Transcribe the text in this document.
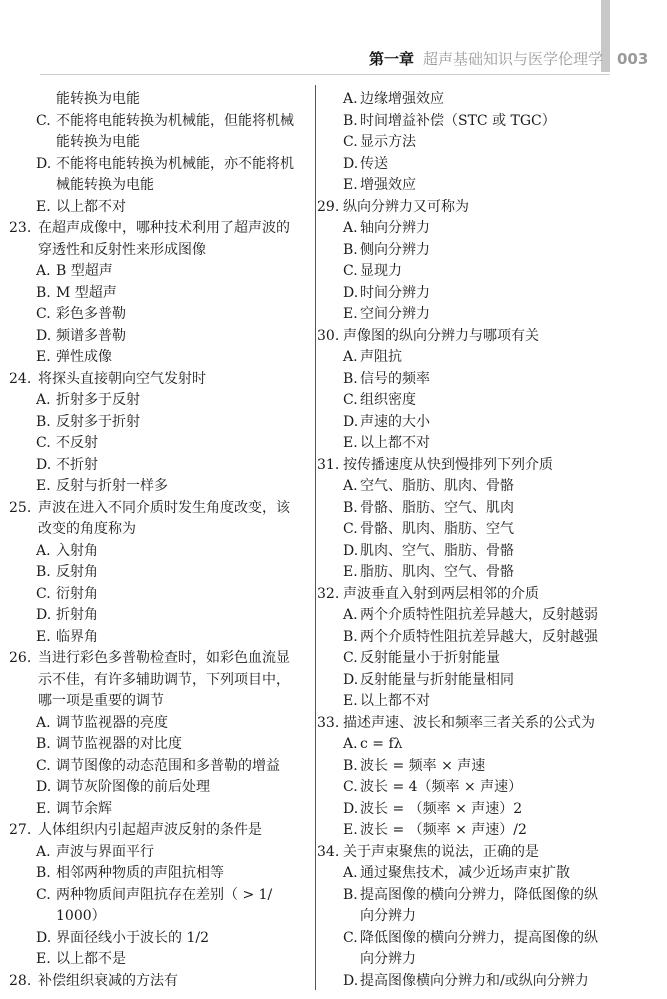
第一章 超声基础知识与医学伦理学 003
能转换为电能
C. 不能将电能转换为机械能，但能将机械
能转换为电能
D. 不能将电能转换为机械能，亦不能将机
械能转换为电能
E. 以上都不对
23. 在超声成像中，哪种技术利用了超声波的
穿透性和反射性来形成图像
A. B 型超声
B. M 型超声
C. 彩色多普勒
D. 频谱多普勒
E. 弹性成像
24. 将探头直接朝向空气发射时
A. 折射多于反射
B. 反射多于折射
C. 不反射
D. 不折射
E. 反射与折射一样多
25. 声波在进入不同介质时发生角度改变，该
改变的角度称为
A. 入射角
B. 反射角
C. 衍射角
D. 折射角
E. 临界角
26. 当进行彩色多普勒检查时，如彩色血流显
示不佳，有许多辅助调节，下列项目中，
哪一项是重要的调节
A. 调节监视器的亮度
B. 调节监视器的对比度
C. 调节图像的动态范围和多普勒的增益
D. 调节灰阶图像的前后处理
E. 调节余辉
27. 人体组织内引起超声波反射的条件是
A. 声波与界面平行
B. 相邻两种物质的声阻抗相等
C. 两种物质间声阻抗存在差别（ > 1/
1000）
D. 界面径线小于波长的 1/2
E. 以上都不是
28. 补偿组织衰减的方法有
A. 边缘增强效应
B. 时间增益补偿（STC 或 TGC）
C. 显示方法
D. 传送
E. 增强效应
29. 纵向分辨力又可称为
A. 轴向分辨力
B. 侧向分辨力
C. 显现力
D. 时间分辨力
E. 空间分辨力
30. 声像图的纵向分辨力与哪项有关
A. 声阻抗
B. 信号的频率
C. 组织密度
D. 声速的大小
E. 以上都不对
31. 按传播速度从快到慢排列下列介质
A. 空气、脂肪、肌肉、骨骼
B. 骨骼、脂肪、空气、肌肉
C. 骨骼、肌肉、脂肪、空气
D. 肌肉、空气、脂肪、骨骼
E. 脂肪、肌肉、空气、骨骼
32. 声波垂直入射到两层相邻的介质
A. 两个介质特性阻抗差异越大，反射越弱
B. 两个介质特性阻抗差异越大，反射越强
C. 反射能量小于折射能量
D. 反射能量与折射能量相同
E. 以上都不对
33. 描述声速、波长和频率三者关系的公式为
A. c = fλ
B. 波长 = 频率 × 声速
C. 波长 = 4（频率 × 声速）
D. 波长 = （频率 × 声速）2
E. 波长 = （频率 × 声速）/2
34. 关于声束聚焦的说法，正确的是
A. 通过聚焦技术，减少近场声束扩散
B. 提高图像的横向分辨力，降低图像的纵
向分辨力
C. 降低图像的横向分辨力，提高图像的纵
向分辨力
D. 提高图像横向分辨力和/或纵向分辨力
